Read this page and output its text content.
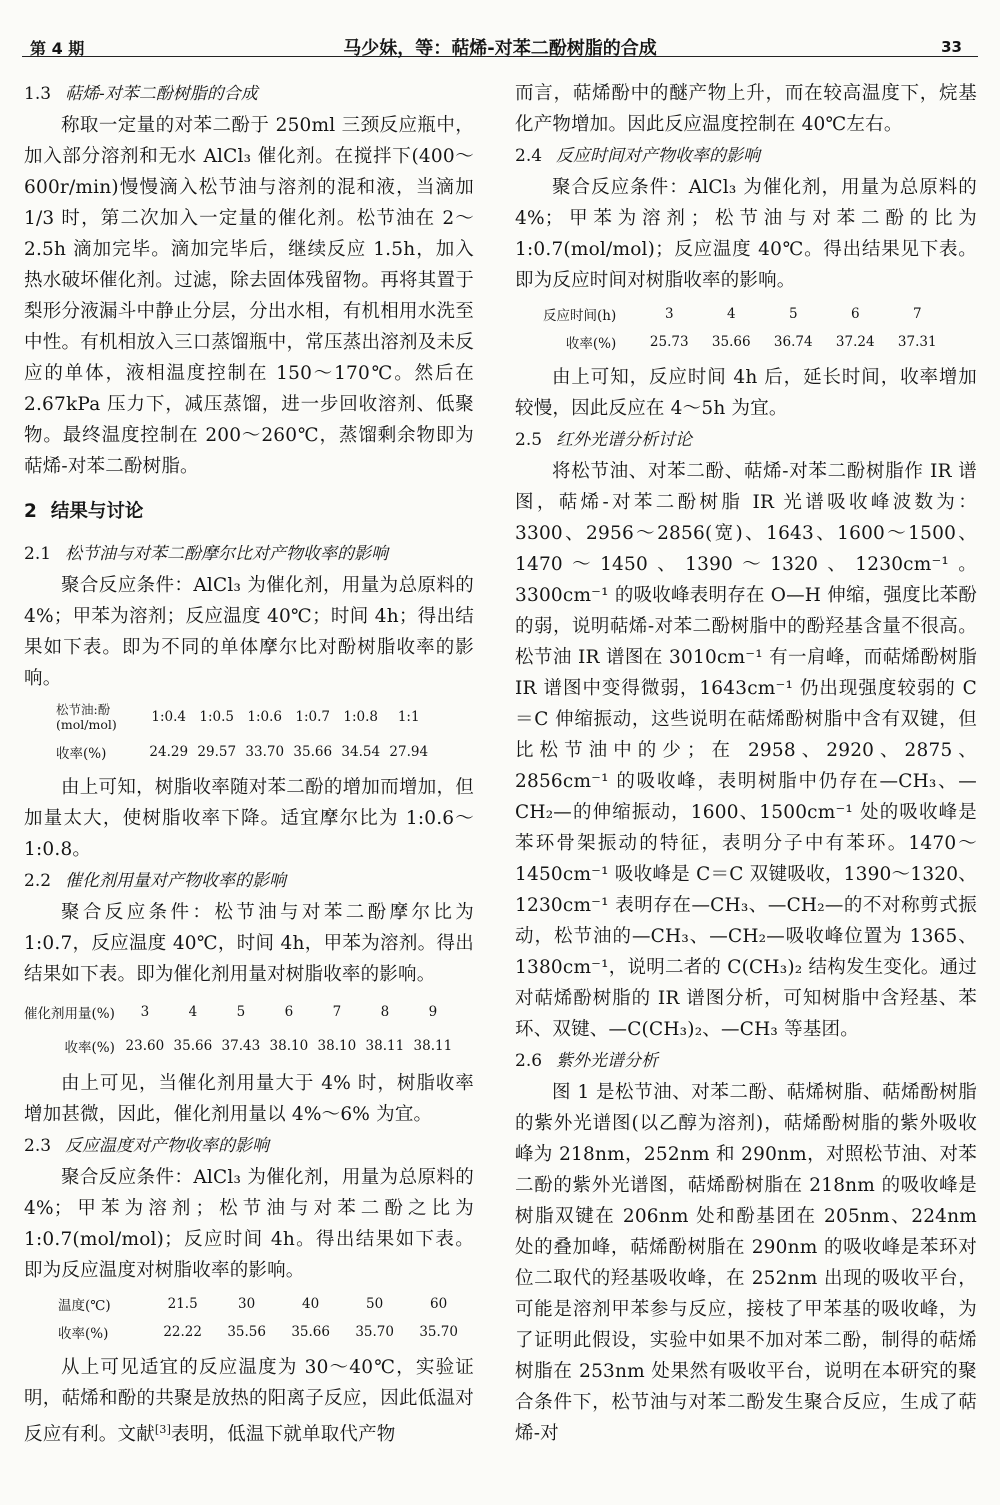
第 4 期	马少妹，等：萜烯-对苯二酚树脂的合成	33
1.3 萜烯-对苯二酚树脂的合成

称取一定量的对苯二酚于 250ml 三颈反应瓶中，加入部分溶剂和无水 AlCl₃ 催化剂。在搅拌下(400～600r/min)慢慢滴入松节油与溶剂的混和液，当滴加 1/3 时，第二次加入一定量的催化剂。松节油在 2～2.5h 滴加完毕。滴加完毕后，继续反应 1.5h，加入热水破坏催化剂。过滤，除去固体残留物。再将其置于梨形分液漏斗中静止分层，分出水相，有机相用水洗至中性。有机相放入三口蒸馏瓶中，常压蒸出溶剂及未反应的单体，液相温度控制在 150～170℃。然后在 2.67kPa 压力下，减压蒸馏，进一步回收溶剂、低聚物。最终温度控制在 200～260℃，蒸馏剩余物即为萜烯-对苯二酚树脂。

2 结果与讨论
2.1 松节油与对苯二酚摩尔比对产物收率的影响

聚合反应条件：AlCl₃ 为催化剂，用量为总原料的 4%；甲苯为溶剂；反应温度 40℃；时间 4h；得出结果如下表。即为不同的单体摩尔比对酚树脂收率的影响。

松节油:酚
(mol/mol)	1:0.4	1:0.5	1:0.6	1:0.7	1:0.8	1:1
收率(%)	24.29	29.57	33.70	35.66	34.54	27.94

由上可知，树脂收率随对苯二酚的增加而增加，但加量太大，使树脂收率下降。适宜摩尔比为 1:0.6～1:0.8。

2.2 催化剂用量对产物收率的影响

聚合反应条件：松节油与对苯二酚摩尔比为 1:0.7，反应温度 40℃，时间 4h，甲苯为溶剂。得出结果如下表。即为催化剂用量对树脂收率的影响。

催化剂用量(%)	3	4	5	6	7	8	9
收率(%)	23.60	35.66	37.43	38.10	38.10	38.11	38.11

由上可见，当催化剂用量大于 4% 时，树脂收率增加甚微，因此，催化剂用量以 4%～6% 为宜。

2.3 反应温度对产物收率的影响

聚合反应条件：AlCl₃ 为催化剂，用量为总原料的 4%；甲苯为溶剂；松节油与对苯二酚之比为 1:0.7(mol/mol)；反应时间 4h。得出结果如下表。即为反应温度对树脂收率的影响。

温度(℃)	21.5	30	40	50	60
收率(%)	22.22	35.56	35.66	35.70	35.70

从上可见适宜的反应温度为 30～40℃，实验证明，萜烯和酚的共聚是放热的阳离子反应，因此低温对反应有利。文献[3]表明，低温下就单取代产物

而言，萜烯酚中的醚产物上升，而在较高温度下，烷基化产物增加。因此反应温度控制在 40℃左右。

2.4 反应时间对产物收率的影响

聚合反应条件：AlCl₃ 为催化剂，用量为总原料的 4%；甲苯为溶剂；松节油与对苯二酚的比为 1:0.7(mol/mol)；反应温度 40℃。得出结果见下表。即为反应时间对树脂收率的影响。

反应时间(h)	3	4	5	6	7
收率(%)	25.73	35.66	36.74	37.24	37.31

由上可知，反应时间 4h 后，延长时间，收率增加较慢，因此反应在 4～5h 为宜。

2.5 红外光谱分析讨论

将松节油、对苯二酚、萜烯-对苯二酚树脂作 IR 谱图，萜烯-对苯二酚树脂 IR 光谱吸收峰波数为：3300、2956～2856(宽)、1643、1600～1500、1470～1450、1390～1320、1230cm⁻¹。3300cm⁻¹ 的吸收峰表明存在 O—H 伸缩，强度比苯酚的弱，说明萜烯-对苯二酚树脂中的酚羟基含量不很高。松节油 IR 谱图在 3010cm⁻¹ 有一肩峰，而萜烯酚树脂 IR 谱图中变得微弱，1643cm⁻¹ 仍出现强度较弱的 C＝C 伸缩振动，这些说明在萜烯酚树脂中含有双键，但比松节油中的少；在 2958、2920、2875、2856cm⁻¹ 的吸收峰，表明树脂中仍存在—CH₃、—CH₂—的伸缩振动，1600、1500cm⁻¹ 处的吸收峰是苯环骨架振动的特征，表明分子中有苯环。1470～1450cm⁻¹ 吸收峰是 C＝C 双键吸收，1390～1320、1230cm⁻¹ 表明存在—CH₃、—CH₂—的不对称剪式振动，松节油的—CH₃、—CH₂—吸收峰位置为 1365、1380cm⁻¹，说明二者的 C(CH₃)₂ 结构发生变化。通过对萜烯酚树脂的 IR 谱图分析，可知树脂中含羟基、苯环、双键、—C(CH₃)₂、—CH₃ 等基团。

2.6 紫外光谱分析

图 1 是松节油、对苯二酚、萜烯树脂、萜烯酚树脂的紫外光谱图(以乙醇为溶剂)，萜烯酚树脂的紫外吸收峰为 218nm，252nm 和 290nm，对照松节油、对苯二酚的紫外光谱图，萜烯酚树脂在 218nm 的吸收峰是树脂双键在 206nm 处和酚基团在 205nm、224nm 处的叠加峰，萜烯酚树脂在 290nm 的吸收峰是苯环对位二取代的羟基吸收峰，在 252nm 出现的吸收平台，可能是溶剂甲苯参与反应，接枝了甲苯基的吸收峰，为了证明此假设，实验中如果不加对苯二酚，制得的萜烯树脂在 253nm 处果然有吸收平台，说明在本研究的聚合条件下，松节油与对苯二酚发生聚合反应，生成了萜烯-对
